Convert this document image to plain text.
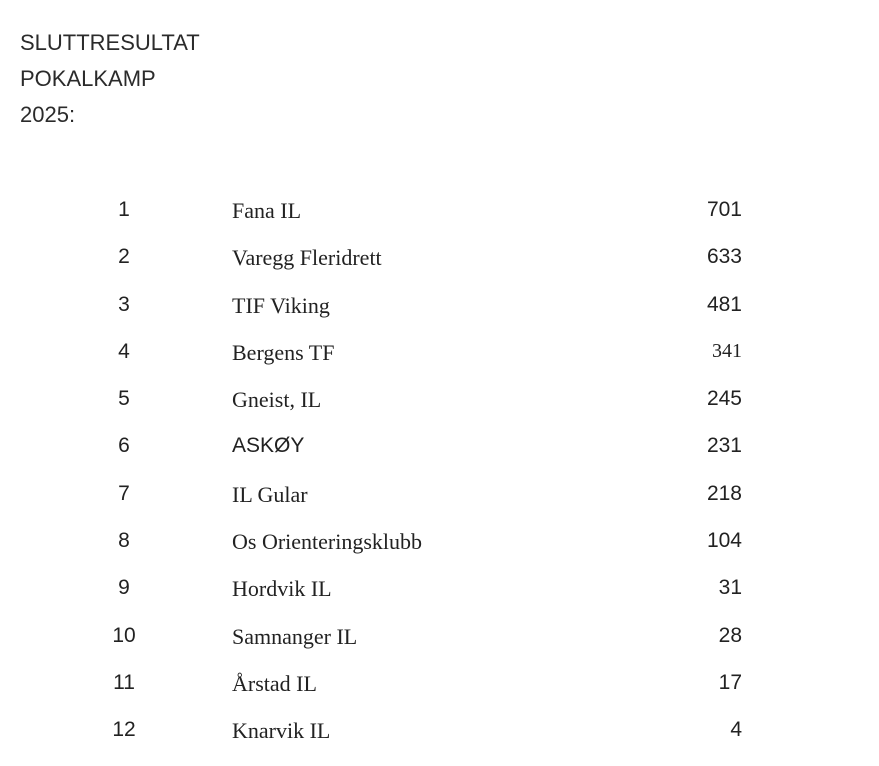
SLUTTRESULTAT
POKALKAMP
2025:
1	Fana IL	701
2	Varegg Fleridrett	633
3	TIF Viking	481
4	Bergens TF	341
5	Gneist, IL	245
6	ASKØY	231
7	IL Gular	218
8	Os Orienteringsklubb	104
9	Hordvik IL	31
10	Samnanger IL	28
11	Årstad IL	17
12	Knarvik IL	4
